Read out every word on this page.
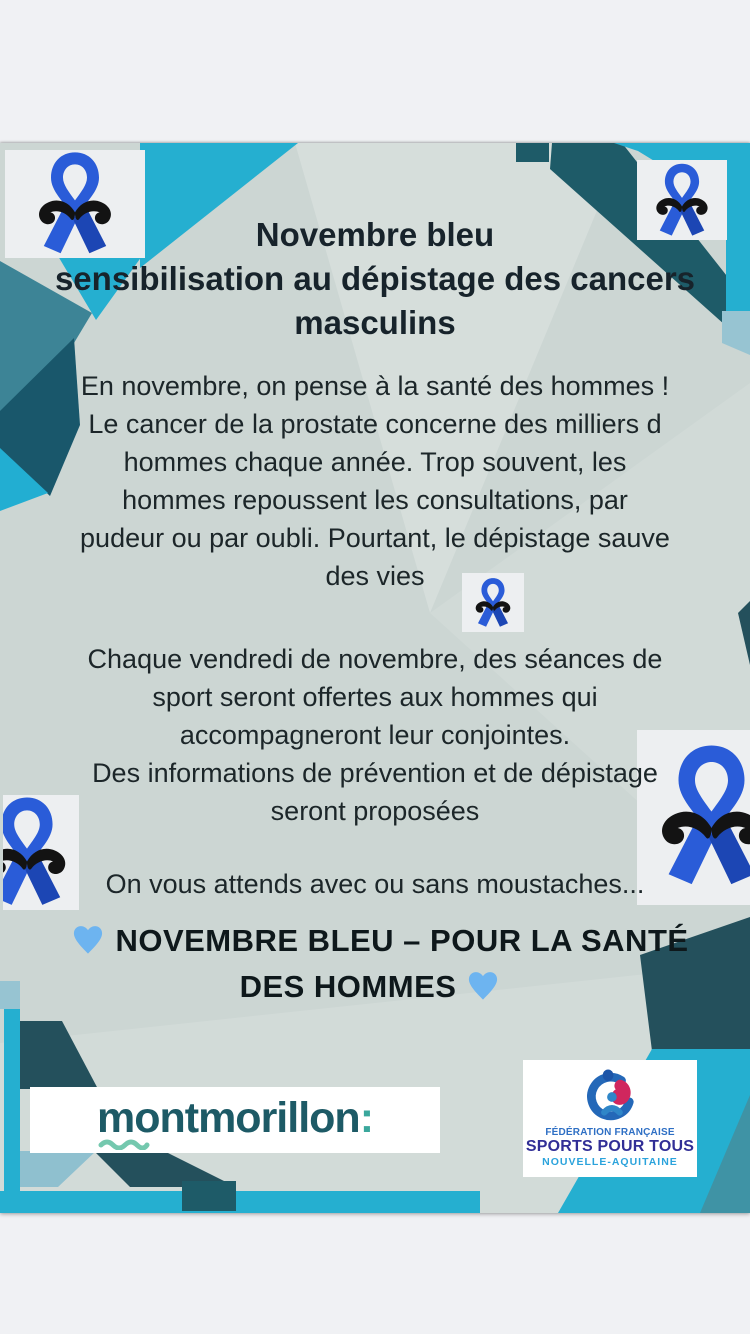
Novembre bleu
sensibilisation au dépistage des cancers
masculins
En novembre, on pense à la santé des hommes !
Le cancer de la prostate concerne des milliers d
hommes chaque année. Trop souvent, les
hommes repoussent les consultations, par
pudeur ou par oubli. Pourtant, le dépistage sauve
des vies
Chaque vendredi de novembre, des séances de
sport seront offertes aux hommes qui
accompagneront leur conjointes.
Des informations de prévention et de dépistage
seront proposées
On vous attends avec ou sans moustaches...
NOVEMBRE BLEU – POUR LA SANTÉ DES HOMMES
montmorillon:	FÉDÉRATION FRANÇAISE
SPORTS POUR TOUS
NOUVELLE-AQUITAINE
